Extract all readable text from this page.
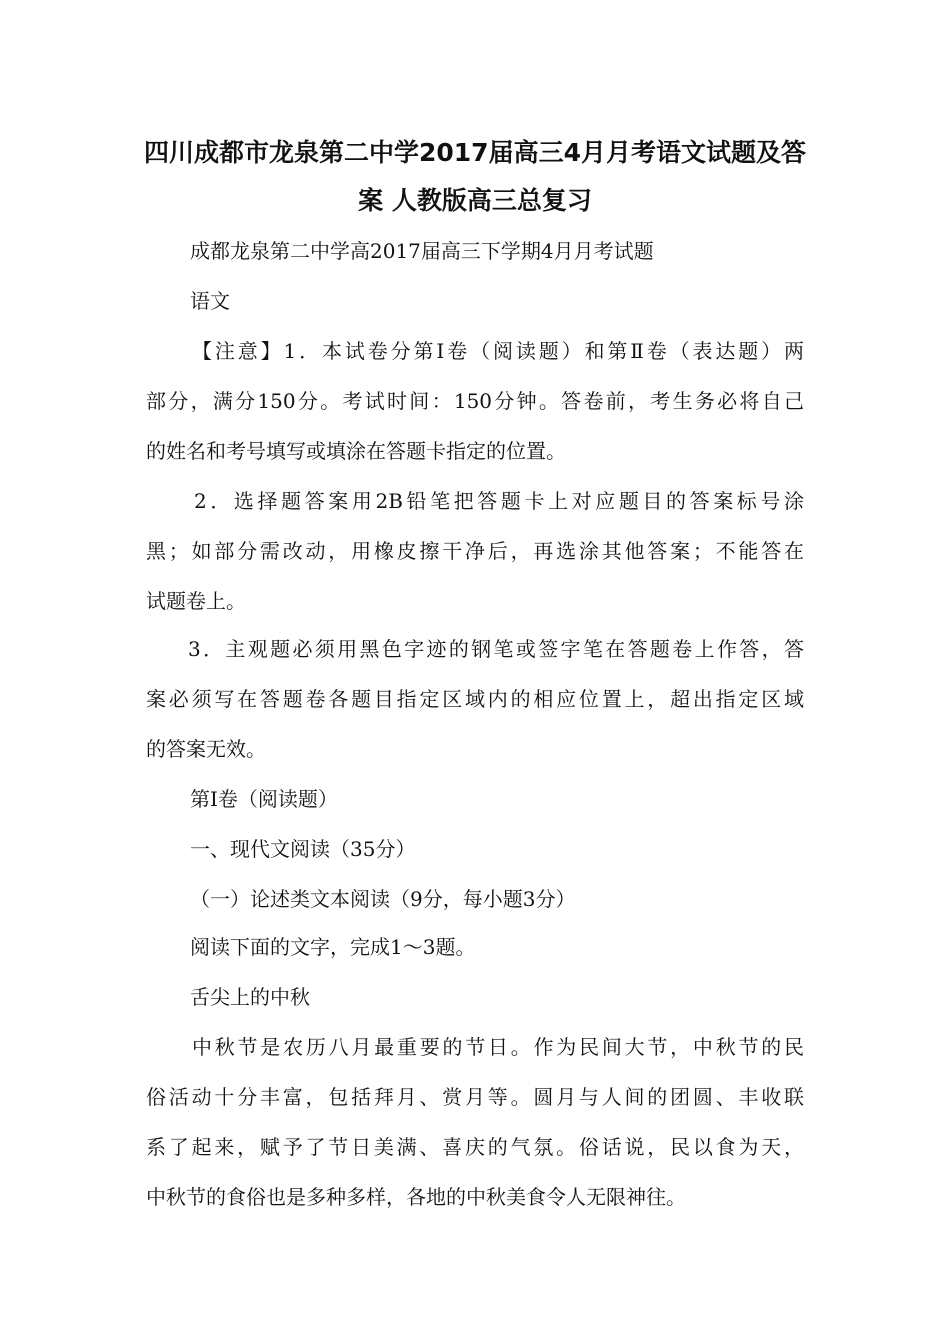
四川成都市龙泉第二中学2017届高三4月月考语文试题及答
案 人教版高三总复习
成都龙泉第二中学高2017届高三下学期4月月考试题
语文
【注意】1．本试卷分第Ⅰ卷（阅读题）和第Ⅱ卷（表达题）两
部分，满分150分。考试时间：150分钟。答卷前，考生务必将自己
的姓名和考号填写或填涂在答题卡指定的位置。
2．选择题答案用2B铅笔把答题卡上对应题目的答案标号涂
黑；如部分需改动，用橡皮擦干净后，再选涂其他答案；不能答在
试题卷上。
3．主观题必须用黑色字迹的钢笔或签字笔在答题卷上作答，答
案必须写在答题卷各题目指定区域内的相应位置上，超出指定区域
的答案无效。
第Ⅰ卷（阅读题）
一、现代文阅读（35分）
（一）论述类文本阅读（9分，每小题3分）
阅读下面的文字，完成1～3题。
舌尖上的中秋
中秋节是农历八月最重要的节日。作为民间大节，中秋节的民
俗活动十分丰富，包括拜月、赏月等。圆月与人间的团圆、丰收联
系了起来，赋予了节日美满、喜庆的气氛。俗话说，民以食为天，
中秋节的食俗也是多种多样，各地的中秋美食令人无限神往。
